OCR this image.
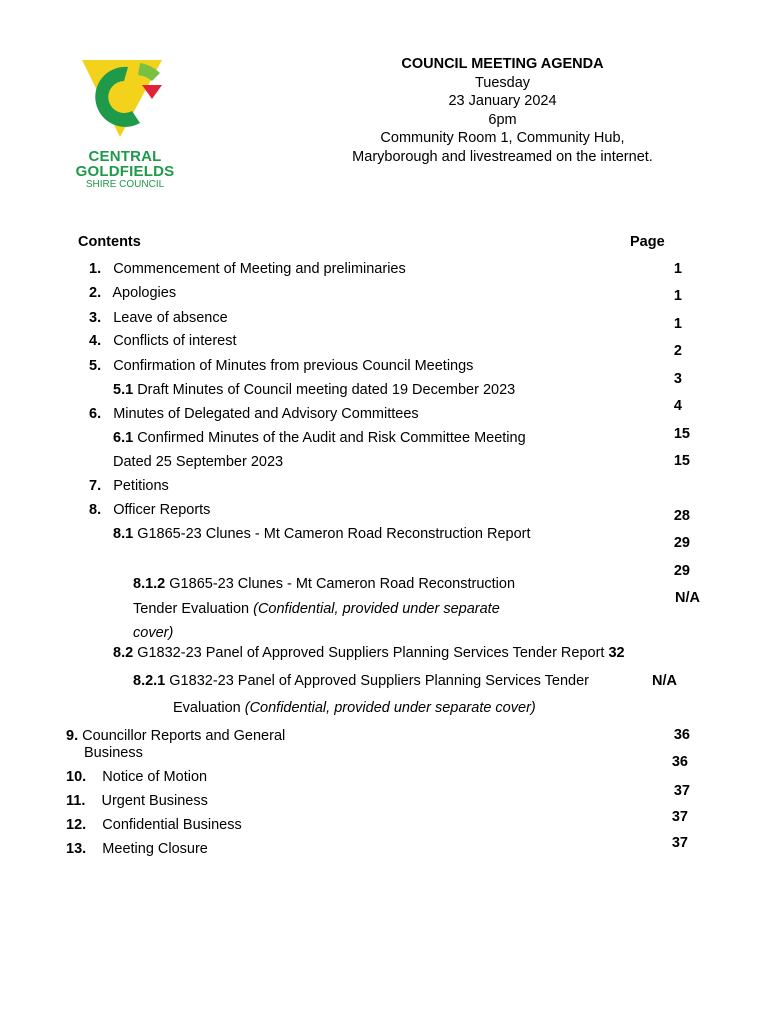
CENTRAL
GOLDFIELDS
SHIRE COUNCIL
COUNCIL MEETING AGENDA
Tuesday
23 January 2024
6pm
Community Room 1, Community Hub,
Maryborough and livestreamed on the internet.
Contents	Page
1. Commencement of Meeting and preliminaries
2. Apologies
3. Leave of absence
4. Conflicts of interest
5. Confirmation of Minutes from previous Council Meetings
5.1 Draft Minutes of Council meeting dated 19 December 2023
6. Minutes of Delegated and Advisory Committees
6.1 Confirmed Minutes of the Audit and Risk Committee Meeting
Dated 25 September 2023
7. Petitions
8. Officer Reports
8.1 G1865-23 Clunes - Mt Cameron Road Reconstruction Report
8.1.2 G1865-23 Clunes - Mt Cameron Road Reconstruction
Tender Evaluation (Confidential, provided under separate
cover)
8.2 G1832-23 Panel of Approved Suppliers Planning Services Tender Report 32
8.2.1 G1832-23 Panel of Approved Suppliers Planning Services Tender
Evaluation (Confidential, provided under separate cover)
9. Councillor Reports and General
Business
10. Notice of Motion
11. Urgent Business
12. Confidential Business
13. Meeting Closure
1
1
1
2
3
4
15
15
28
29
29
N/A
N/A
36
36
37
37
37
